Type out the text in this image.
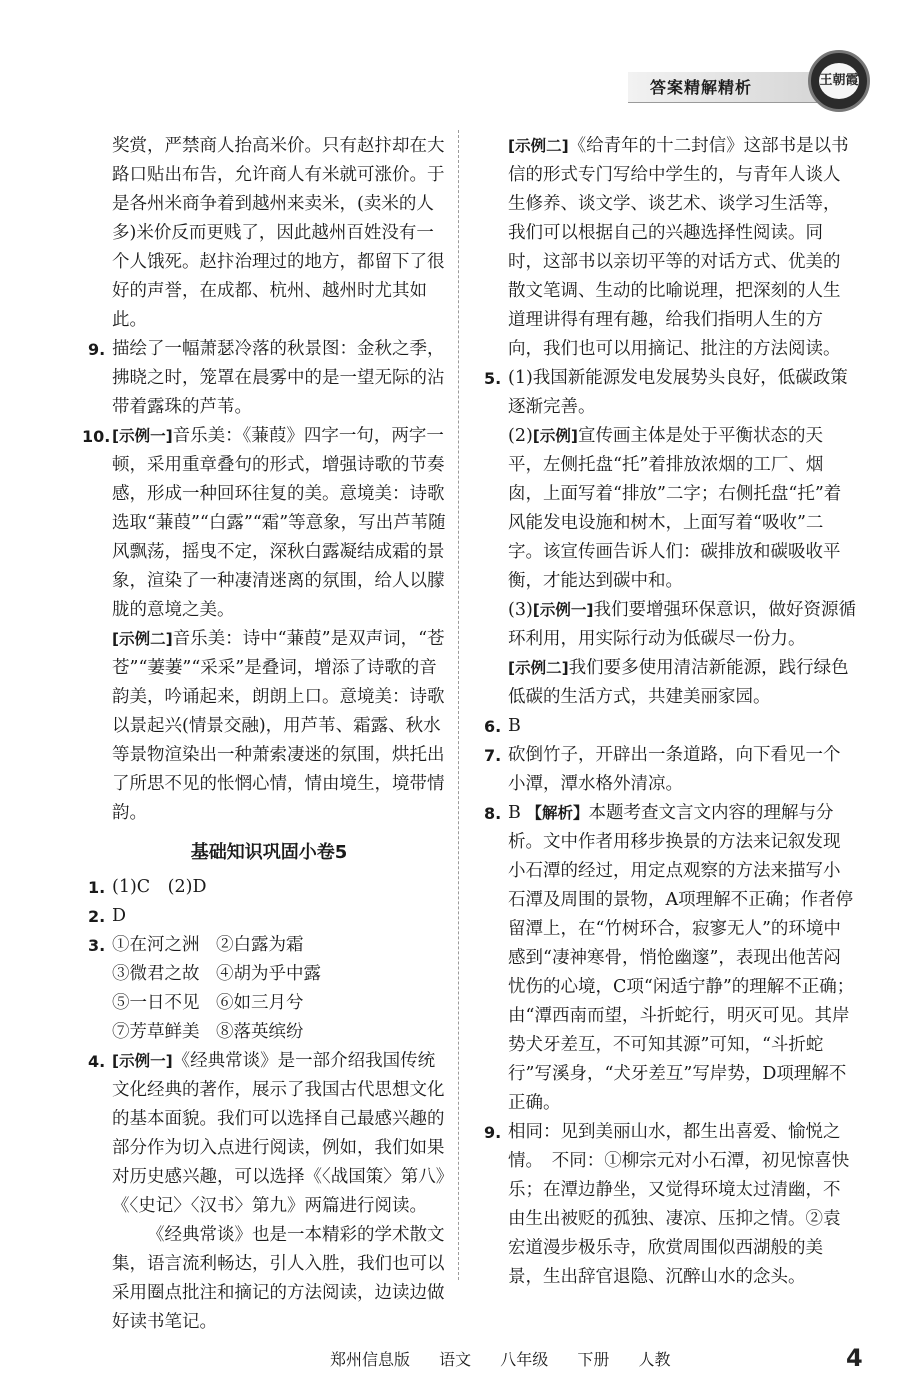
答案精解精析	王朝霞

奖赏，严禁商人抬高米价。只有赵抃却在大路口贴出布告，允许商人有米就可涨价。于是各州米商争着到越州来卖米，(卖米的人多)米价反而更贱了，因此越州百姓没有一个人饿死。赵抃治理过的地方，都留下了很好的声誉，在成都、杭州、越州时尤其如此。

9. 描绘了一幅萧瑟冷落的秋景图：金秋之季，拂晓之时，笼罩在晨雾中的是一望无际的沾带着露珠的芦苇。
10. [示例一]音乐美：《蒹葭》四字一句，两字一顿，采用重章叠句的形式，增强诗歌的节奏感，形成一种回环往复的美。意境美：诗歌选取“蒹葭”“白露”“霜”等意象，写出芦苇随风飘荡，摇曳不定，深秋白露凝结成霜的景象，渲染了一种凄清迷离的氛围，给人以朦胧的意境之美。
[示例二]音乐美：诗中“蒹葭”是双声词，“苍苍”“萋萋”“采采”是叠词，增添了诗歌的音韵美，吟诵起来，朗朗上口。意境美：诗歌以景起兴(情景交融)，用芦苇、霜露、秋水等景物渲染出一种萧索凄迷的氛围，烘托出了所思不见的怅惘心情，情由境生，境带情韵。
基础知识巩固小卷5
1. (1)C　(2)D
2. D
3. ①在河之洲 ②白露为霜
③微君之故 ④胡为乎中露
⑤一日不见 ⑥如三月兮
⑦芳草鲜美 ⑧落英缤纷
4. [示例一]《经典常谈》是一部介绍我国传统文化经典的著作，展示了我国古代思想文化的基本面貌。我们可以选择自己最感兴趣的部分作为切入点进行阅读，例如，我们如果对历史感兴趣，可以选择《〈战国策〉第八》《〈史记〉〈汉书〉第九》两篇进行阅读。
《经典常谈》也是一本精彩的学术散文集，语言流利畅达，引人入胜，我们也可以采用圈点批注和摘记的方法阅读，边读边做好读书笔记。

[示例二]《给青年的十二封信》这部书是以书信的形式专门写给中学生的，与青年人谈人生修养、谈文学、谈艺术、谈学习生活等，我们可以根据自己的兴趣选择性阅读。同时，这部书以亲切平等的对话方式、优美的散文笔调、生动的比喻说理，把深刻的人生道理讲得有理有趣，给我们指明人生的方向，我们也可以用摘记、批注的方法阅读。

5. (1)我国新能源发电发展势头良好，低碳政策逐渐完善。
(2)[示例]宣传画主体是处于平衡状态的天平，左侧托盘“托”着排放浓烟的工厂、烟囱，上面写着“排放”二字；右侧托盘“托”着风能发电设施和树木，上面写着“吸收”二字。该宣传画告诉人们：碳排放和碳吸收平衡，才能达到碳中和。
(3)[示例一]我们要增强环保意识，做好资源循环利用，用实际行动为低碳尽一份力。
[示例二]我们要多使用清洁新能源，践行绿色低碳的生活方式，共建美丽家园。
6. B
7. 砍倒竹子，开辟出一条道路，向下看见一个小潭，潭水格外清凉。
8. B 【解析】本题考查文言文内容的理解与分析。文中作者用移步换景的方法来记叙发现小石潭的经过，用定点观察的方法来描写小石潭及周围的景物，A项理解不正确；作者停留潭上，在“竹树环合，寂寥无人”的环境中感到“凄神寒骨，悄怆幽邃”，表现出他苦闷忧伤的心境，C项“闲适宁静”的理解不正确；由“潭西南而望，斗折蛇行，明灭可见。其岸势犬牙差互，不可知其源”可知，“斗折蛇行”写溪身，“犬牙差互”写岸势，D项理解不正确。
9. 相同：见到美丽山水，都生出喜爱、愉悦之情。　不同：①柳宗元对小石潭，初见惊喜快乐；在潭边静坐，又觉得环境太过清幽，不由生出被贬的孤独、凄凉、压抑之情。②袁宏道漫步极乐寺，欣赏周围似西湖般的美景，生出辞官退隐、沉醉山水的念头。
郑州信息版 语文 八年级 下册 人教	4
